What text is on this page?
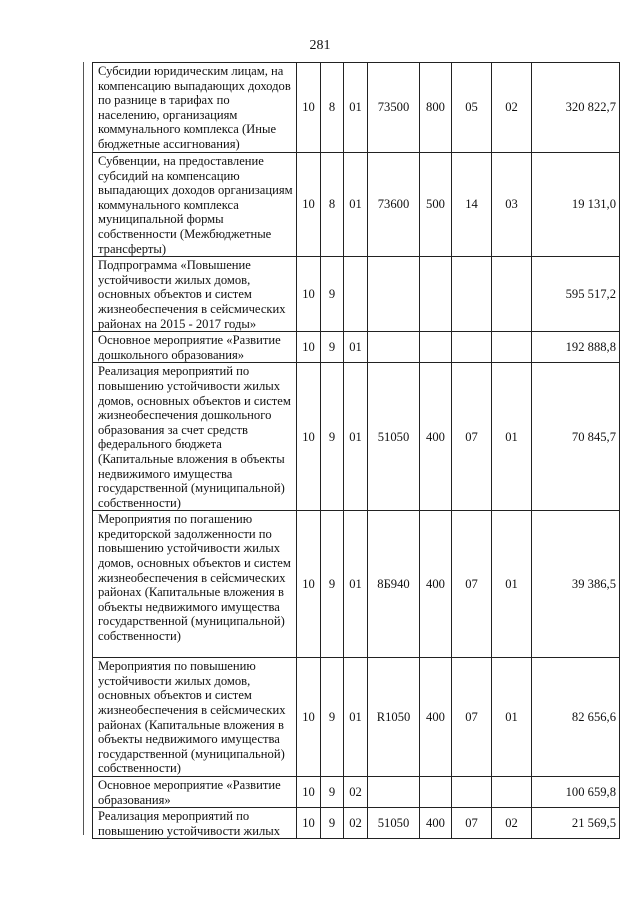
281
Субсидии юридическим лицам, на компенсацию выпадающих доходов по разнице в тарифах по населению, организациям коммунального комплекса (Иные бюджетные ассигнования)	10	8	01	73500	800	05	02	320 822,7
Субвенции, на предоставление субсидий на компенсацию выпадающих доходов организациям коммунального комплекса муниципальной формы собственности (Межбюджетные трансферты)	10	8	01	73600	500	14	03	19 131,0
Подпрограмма «Повышение устойчивости жилых домов, основных объектов и систем жизнеобеспечения в сейсмических районах на 2015 - 2017 годы»	10	9						595 517,2
Основное мероприятие «Развитие дошкольного образования»	10	9	01					192 888,8
Реализация мероприятий по повышению устойчивости жилых домов, основных объектов и систем жизнеобеспечения дошкольного образования за счет средств федерального бюджета (Капитальные вложения в объекты недвижимого имущества государственной (муниципальной) собственности)	10	9	01	51050	400	07	01	70 845,7
Мероприятия по погашению кредиторской задолженности по повышению устойчивости жилых домов, основных объектов и систем жизнеобеспечения в сейсмических районах (Капитальные вложения в объекты недвижимого имущества государственной (муниципальной) собственности)	10	9	01	8Б940	400	07	01	39 386,5
Мероприятия по повышению устойчивости жилых домов, основных объектов и систем жизнеобеспечения в сейсмических районах (Капитальные вложения в объекты недвижимого имущества государственной (муниципальной) собственности)	10	9	01	R1050	400	07	01	82 656,6
Основное мероприятие «Развитие образования»	10	9	02					100 659,8
Реализация мероприятий по повышению устойчивости жилых	10	9	02	51050	400	07	02	21 569,5
